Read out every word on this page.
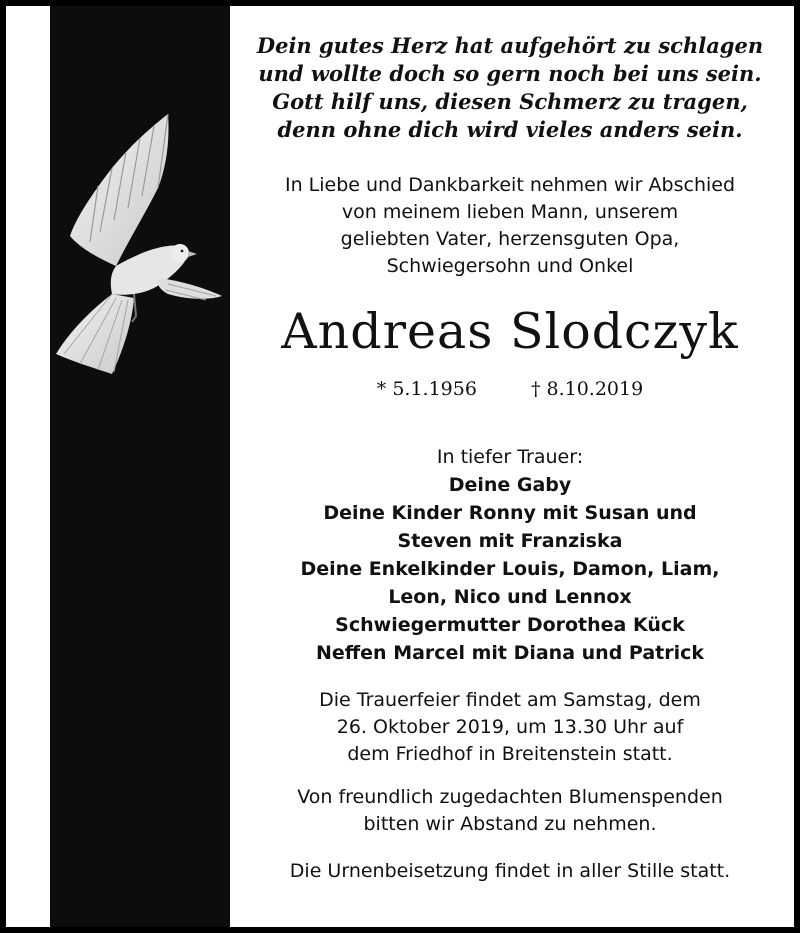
Dein gutes Herz hat aufgehört zu schlagen
und wollte doch so gern noch bei uns sein.
Gott hilf uns, diesen Schmerz zu tragen,
denn ohne dich wird vieles anders sein.
In Liebe und Dankbarkeit nehmen wir Abschied
von meinem lieben Mann, unserem
geliebten Vater, herzensguten Opa,
Schwiegersohn und Onkel
Andreas Slodczyk
* 5.1.1956	† 8.10.2019
In tiefer Trauer:
Deine Gaby
Deine Kinder Ronny mit Susan und
Steven mit Franziska
Deine Enkelkinder Louis, Damon, Liam,
Leon, Nico und Lennox
Schwiegermutter Dorothea Kück
Neffen Marcel mit Diana und Patrick
Die Trauerfeier findet am Samstag, dem
26. Oktober 2019, um 13.30 Uhr auf
dem Friedhof in Breitenstein statt.
Von freundlich zugedachten Blumenspenden
bitten wir Abstand zu nehmen.
Die Urnenbeisetzung findet in aller Stille statt.
